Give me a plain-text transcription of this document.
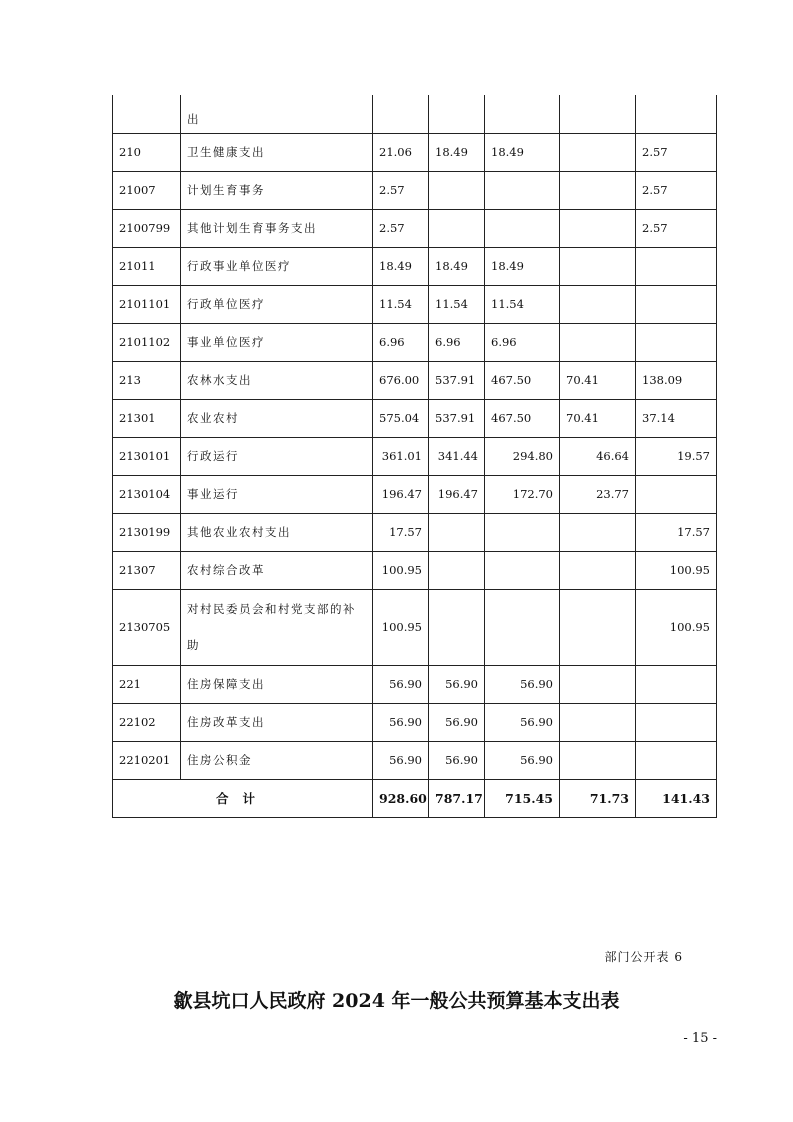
	出					
210	卫生健康支出	21.06	18.49	18.49		2.57
21007	计划生育事务	2.57				2.57
2100799	其他计划生育事务支出	2.57				2.57
21011	行政事业单位医疗	18.49	18.49	18.49		
2101101	行政单位医疗	11.54	11.54	11.54		
2101102	事业单位医疗	6.96	6.96	6.96		
213	农林水支出	676.00	537.91	467.50	70.41	138.09
21301	农业农村	575.04	537.91	467.50	70.41	37.14
2130101	行政运行	361.01	341.44	294.80	46.64	19.57
2130104	事业运行	196.47	196.47	172.70	23.77	
2130199	其他农业农村支出	17.57				17.57
21307	农村综合改革	100.95				100.95
2130705	对村民委员会和村党支部的补助	100.95				100.95
221	住房保障支出	56.90	56.90	56.90		
22102	住房改革支出	56.90	56.90	56.90		
2210201	住房公积金	56.90	56.90	56.90		
合计		928.60	787.17	715.45	71.73	141.43
部门公开表 6
歙县坑口人民政府 2024 年一般公共预算基本支出表
- 15 -
